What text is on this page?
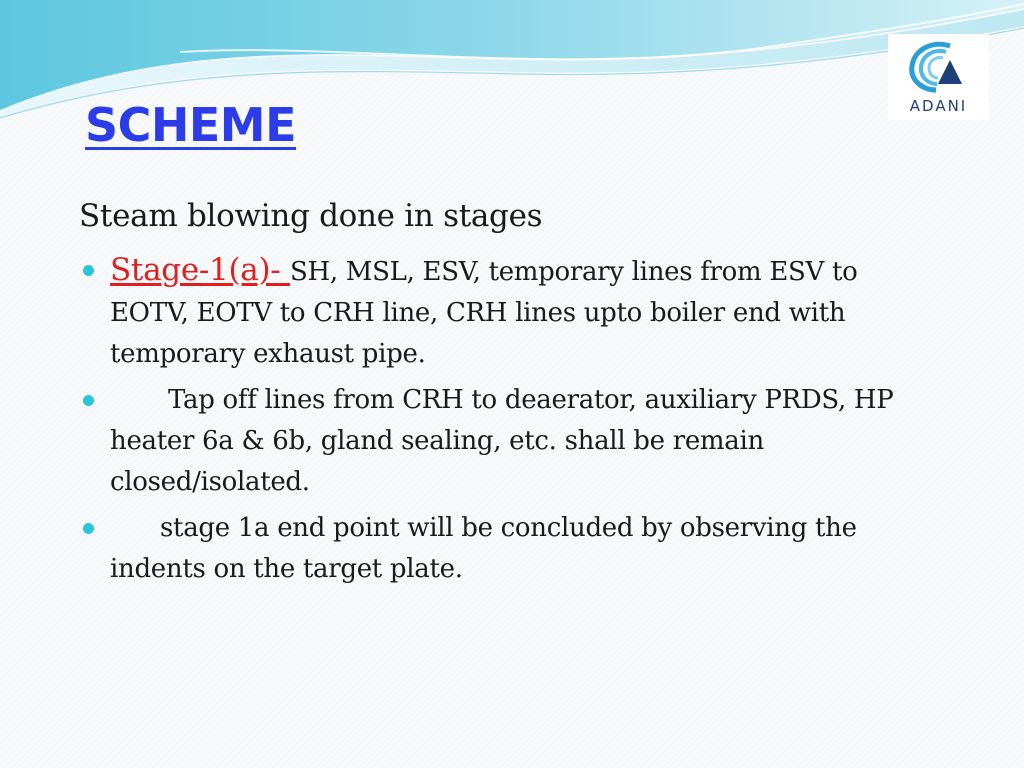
ADANI
SCHEME

Steam blowing done in stages

Stage-1(a)- SH, MSL, ESV, temporary lines from ESV to EOTV, EOTV to CRH line, CRH lines upto boiler end with temporary exhaust pipe.
Tap off lines from CRH to deaerator, auxiliary PRDS, HP heater 6a & 6b, gland sealing, etc. shall be remain closed/isolated.
stage 1a end point will be concluded by observing the indents on the target plate.
